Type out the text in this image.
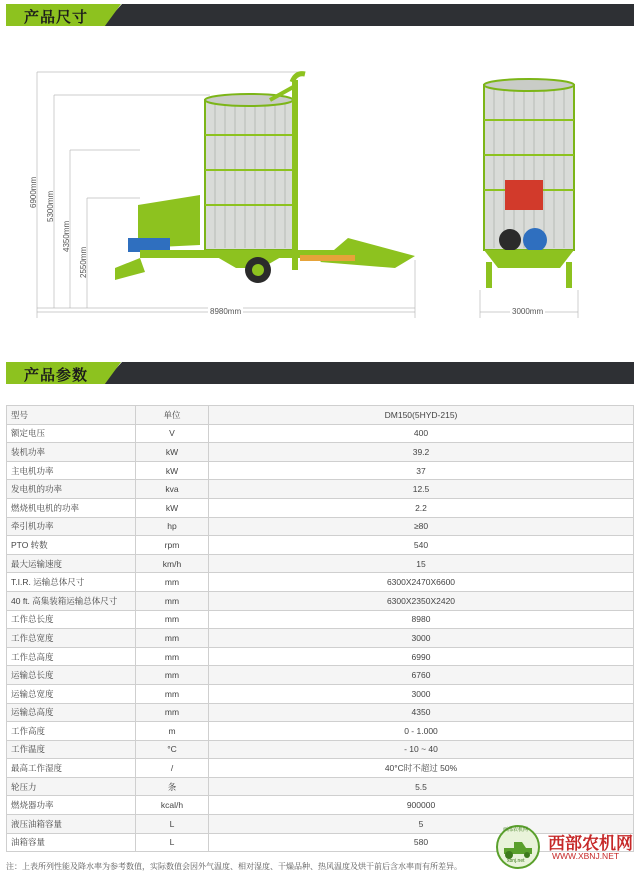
产品尺寸
6900mm 5300mm
4350mm
2550mm
8980mm	3000mm
产品参数
型号	单位	DM150(5HYD-215)
额定电压	V	400
装机功率	kW	39.2
主电机功率	kW	37
发电机的功率	kva	12.5
燃烧机电机的功率	kW	2.2
牵引机功率	hp	≥80
PTO 转数	rpm	540
最大运输速度	km/h	15
T.I.R. 运输总体尺寸	mm	6300X2470X6600
40 ft. 高集装箱运输总体尺寸	mm	6300X2350X2420
工作总长度	mm	8980
工作总宽度	mm	3000
工作总高度	mm	6990
运输总长度	mm	6760
运输总宽度	mm	3000
运输总高度	mm	4350
工作高度	m	0 - 1.000
工作温度	°C	- 10 ~ 40
最高工作湿度	/	40°C时不超过 50%
轮压力	条	5.5
燃烧器功率	kcal/h	900000
液压油箱容量	L	5
油箱容量	L	580
注：上表所列性能及降水率为参考数值，实际数值会因外气温度、相对湿度、干燥品种、热风温度及烘干前后含水率而有所差异。
西部农机网
xbnj.net
西部农机网
WWW.XBNJ.NET
